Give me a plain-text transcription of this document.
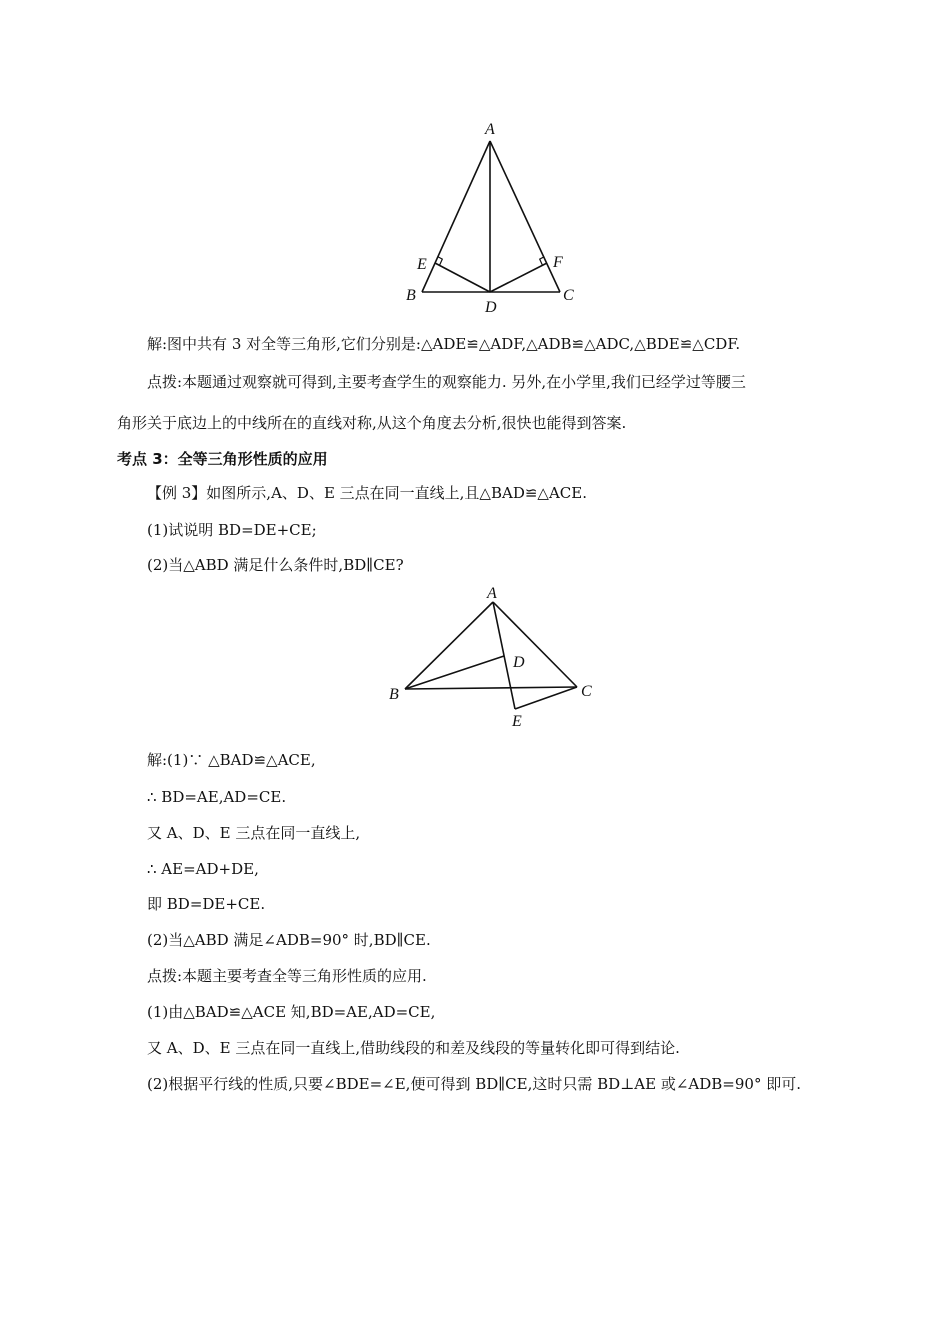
A
E	F
B
D
C
解:图中共有 3 对全等三角形,它们分别是:△ADE≌△ADF,△ADB≌△ADC,△BDE≌△CDF.
点拨:本题通过观察就可得到,主要考查学生的观察能力. 另外,在小学里,我们已经学过等腰三
角形关于底边上的中线所在的直线对称,从这个角度去分析,很快也能得到答案.
考点 3：全等三角形性质的应用
【例 3】如图所示,A、D、E 三点在同一直线上,且△BAD≌△ACE.
(1)试说明 BD=DE+CE;
(2)当△ABD 满足什么条件时,BD∥CE?
A
D
B	C
E
解:(1)∵ △BAD≌△ACE,
∴ BD=AE,AD=CE.
又 A、D、E 三点在同一直线上,
∴ AE=AD+DE,
即 BD=DE+CE.
(2)当△ABD 满足∠ADB=90° 时,BD∥CE.
点拨:本题主要考查全等三角形性质的应用.
(1)由△BAD≌△ACE 知,BD=AE,AD=CE,
又 A、D、E 三点在同一直线上,借助线段的和差及线段的等量转化即可得到结论.
(2)根据平行线的性质,只要∠BDE=∠E,便可得到 BD∥CE,这时只需 BD⊥AE 或∠ADB=90° 即可.
